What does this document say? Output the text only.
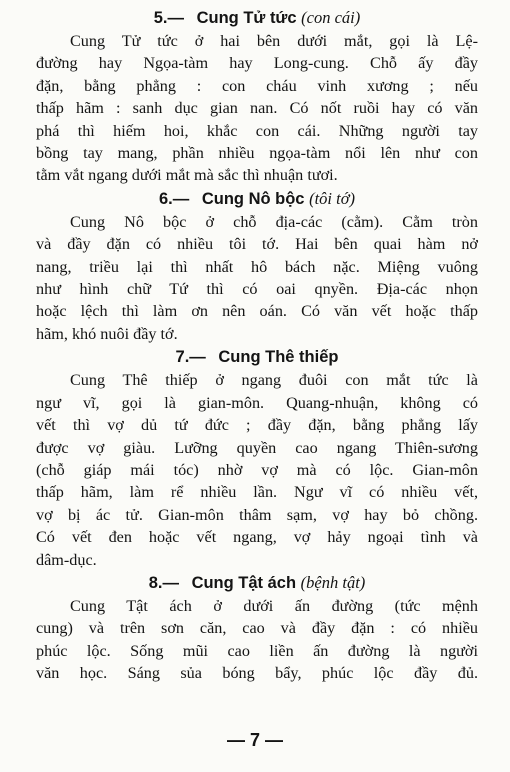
5.— Cung Tử tức (con cái)

Cung Tử tức ở hai bên dưới mắt, gọi là Lệ-
đường hay Ngọa-tàm hay Long-cung. Chỗ ấy đầy
đặn, bằng phẳng : con cháu vinh xương ; nếu
thấp hãm : sanh dục gian nan. Có nốt ruồi hay có văn
phá thì hiếm hoi, khắc con cái. Những người tay
bồng tay mang, phần nhiều ngọa-tàm nổi lên như con
tằm vắt ngang dưới mắt mà sắc thì nhuận tươi.

6.— Cung Nô bộc (tôi tớ)

Cung Nô bộc ở chỗ địa-các (cằm). Cằm tròn
và đầy đặn có nhiều tôi tớ. Hai bên quai hàm nở
nang, triều lại thì nhất hô bách nặc. Miệng vuông
như hình chữ Tứ thì có oai qnyền. Địa-các nhọn
hoặc lệch thì làm ơn nên oán. Có văn vết hoặc thấp
hãm, khó nuôi đầy tớ.

7.— Cung Thê thiếp

Cung Thê thiếp ở ngang đuôi con mắt tức là
ngư vĩ, gọi là gian-môn. Quang-nhuận, không có
vết thì vợ dủ tứ đức ; đầy đặn, bằng phẳng lấy
được vợ giàu. Lưỡng quyền cao ngang Thiên-sương
(chỗ giáp mái tóc) nhờ vợ mà có lộc. Gian-môn
thấp hãm, làm rể nhiều lần. Ngư vĩ có nhiều vết,
vợ bị ác tử. Gian-môn thâm sạm, vợ hay bỏ chồng.
Có vết đen hoặc vết ngang, vợ hảy ngoại tình và
dâm-dục.

8.— Cung Tật ách (bệnh tật)

Cung Tật ách ở dưới ấn đường (tức mệnh
cung) và trên sơn căn, cao và đầy đặn : có nhiều
phúc lộc. Sống mũi cao liền ấn đường là người
văn học. Sáng sủa bóng bẩy, phúc lộc đầy đủ.

— 7 —
